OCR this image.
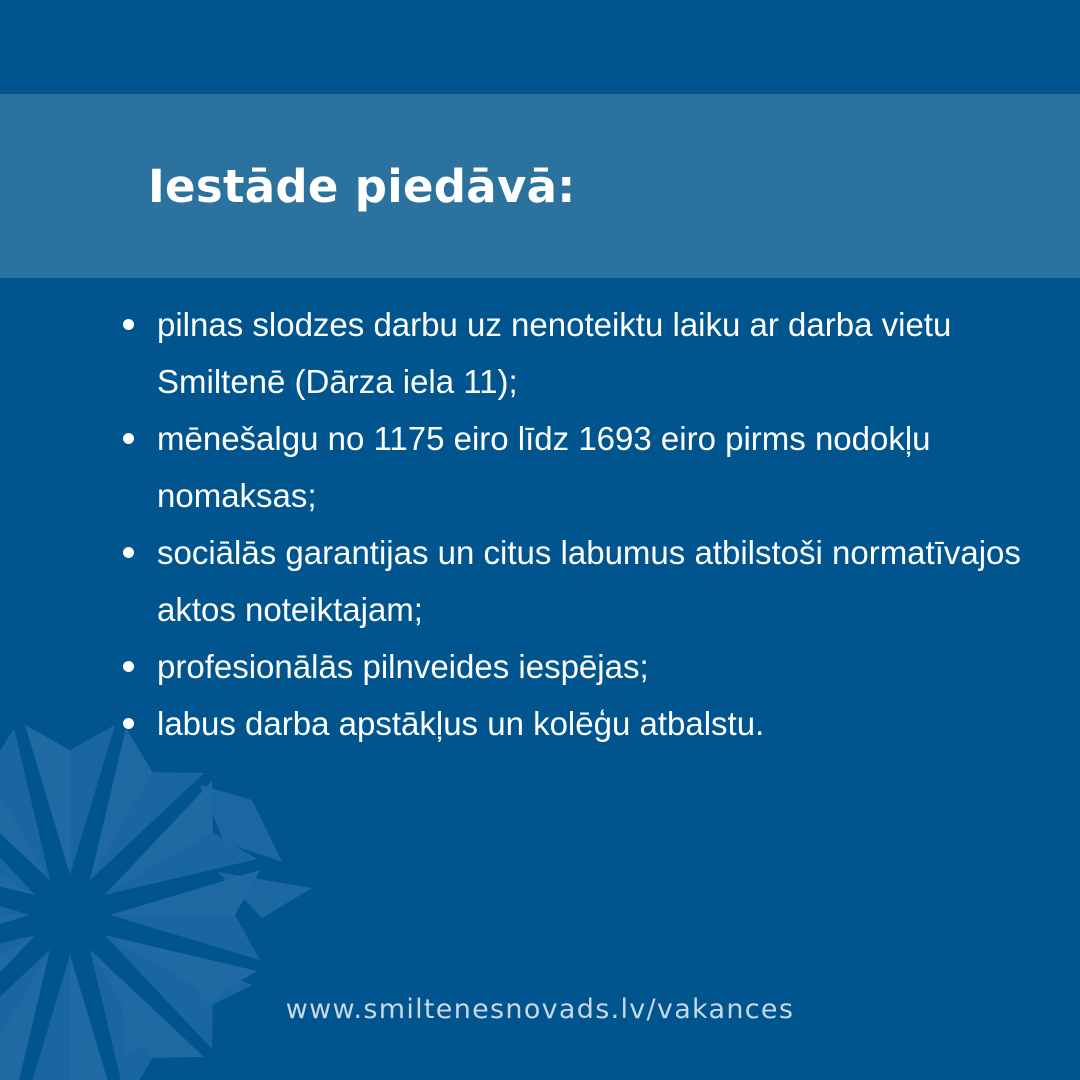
Iestāde piedāvā:
pilnas slodzes darbu uz nenoteiktu laiku ar darba vietu Smiltenē (Dārza iela 11);
mēnešalgu no 1175 eiro līdz 1693 eiro pirms nodokļu nomaksas;
sociālās garantijas un citus labumus atbilstoši normatīvajos aktos noteiktajam;
profesionālās pilnveides iespējas;
labus darba apstākļus un kolēģu atbalstu.
www.smiltenesnovads.lv/vakances
